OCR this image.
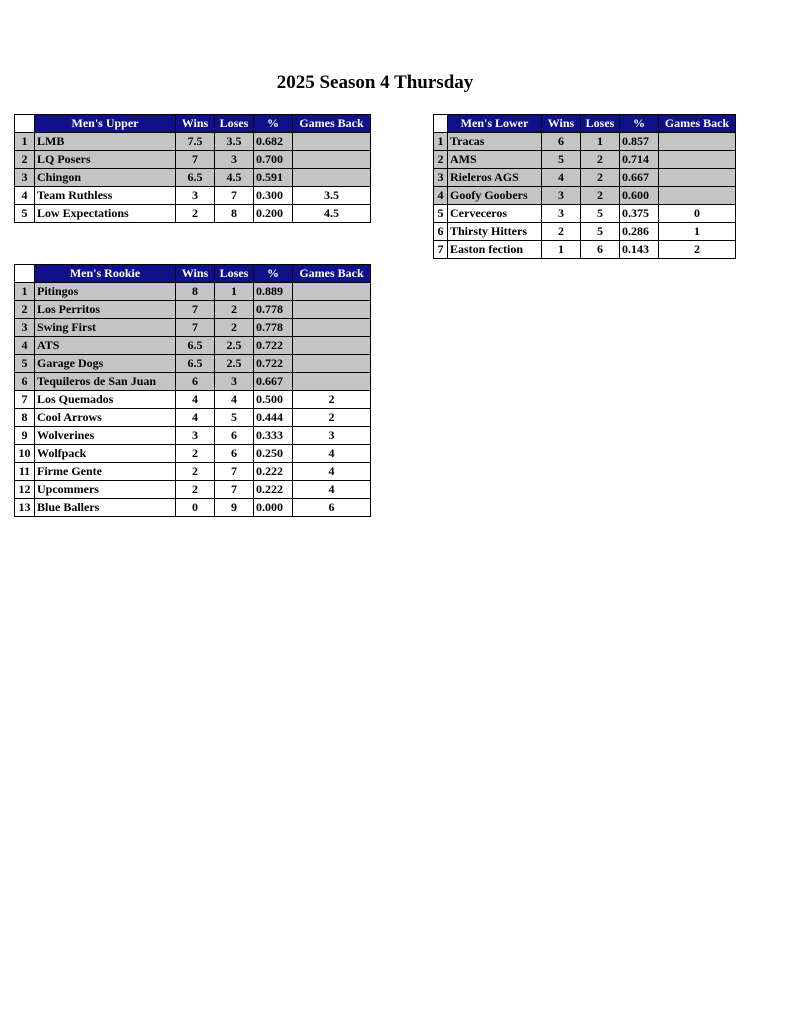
2025 Season 4 Thursday
	Men's Upper	Wins	Loses	%	Games Back
1	LMB	7.5	3.5	0.682	
2	LQ Posers	7	3	0.700	
3	Chingon	6.5	4.5	0.591	
4	Team Ruthless	3	7	0.300	3.5
5	Low Expectations	2	8	0.200	4.5
	Men's Lower	Wins	Loses	%	Games Back
1	Tracas	6	1	0.857	
2	AMS	5	2	0.714	
3	Rieleros AGS	4	2	0.667	
4	Goofy Goobers	3	2	0.600	
5	Cerveceros	3	5	0.375	0
6	Thirsty Hitters	2	5	0.286	1
7	Easton fection	1	6	0.143	2
	Men's Rookie	Wins	Loses	%	Games Back
1	Pitingos	8	1	0.889	
2	Los Perritos	7	2	0.778	
3	Swing First	7	2	0.778	
4	ATS	6.5	2.5	0.722	
5	Garage Dogs	6.5	2.5	0.722	
6	Tequileros de San Juan	6	3	0.667	
7	Los Quemados	4	4	0.500	2
8	Cool Arrows	4	5	0.444	2
9	Wolverines	3	6	0.333	3
10	Wolfpack	2	6	0.250	4
11	Firme Gente	2	7	0.222	4
12	Upcommers	2	7	0.222	4
13	Blue Ballers	0	9	0.000	6
